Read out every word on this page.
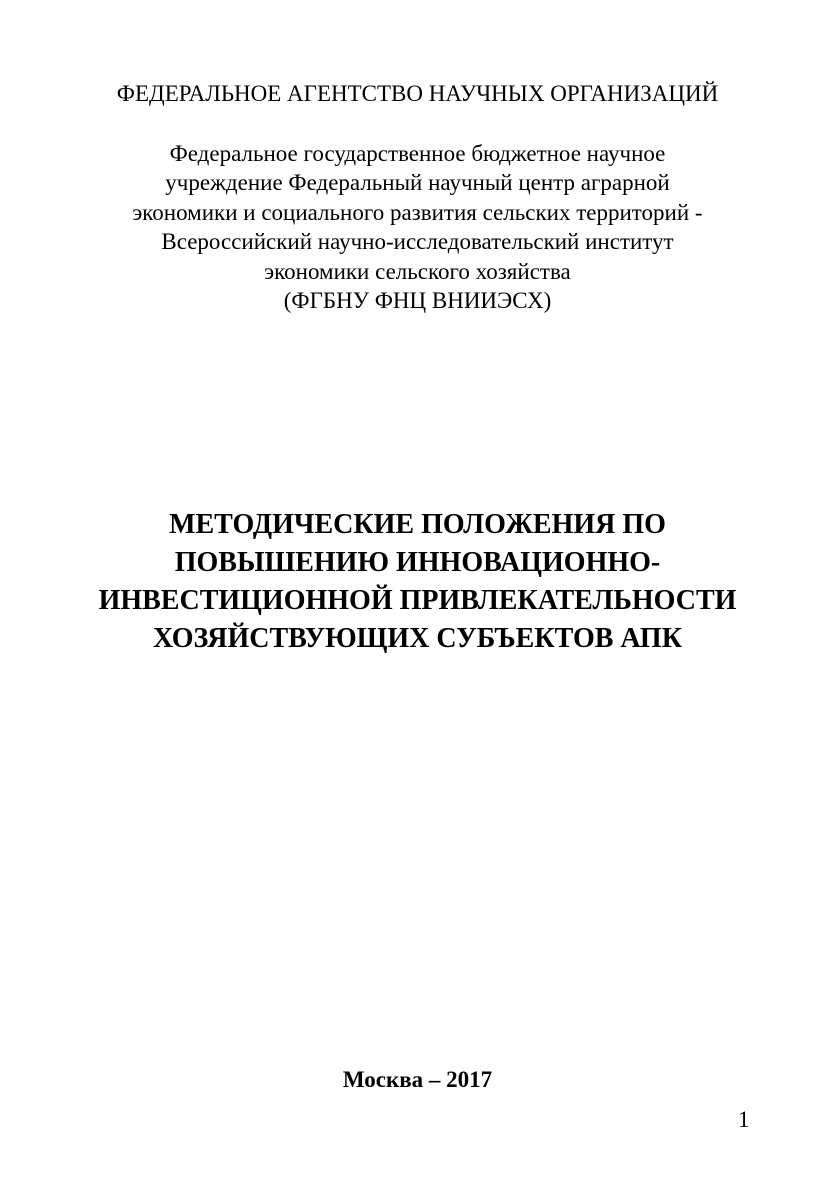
ФЕДЕРАЛЬНОЕ АГЕНТСТВО НАУЧНЫХ ОРГАНИЗАЦИЙ
Федеральное государственное бюджетное научное
учреждение Федеральный научный центр аграрной
экономики и социального развития сельских территорий -
Всероссийский научно-исследовательский институт
экономики сельского хозяйства
(ФГБНУ ФНЦ ВНИИЭСХ)
МЕТОДИЧЕСКИЕ ПОЛОЖЕНИЯ ПО
ПОВЫШЕНИЮ ИННОВАЦИОННО-
ИНВЕСТИЦИОННОЙ ПРИВЛЕКАТЕЛЬНОСТИ
ХОЗЯЙСТВУЮЩИХ СУБЪЕКТОВ АПК
Москва – 2017
1
